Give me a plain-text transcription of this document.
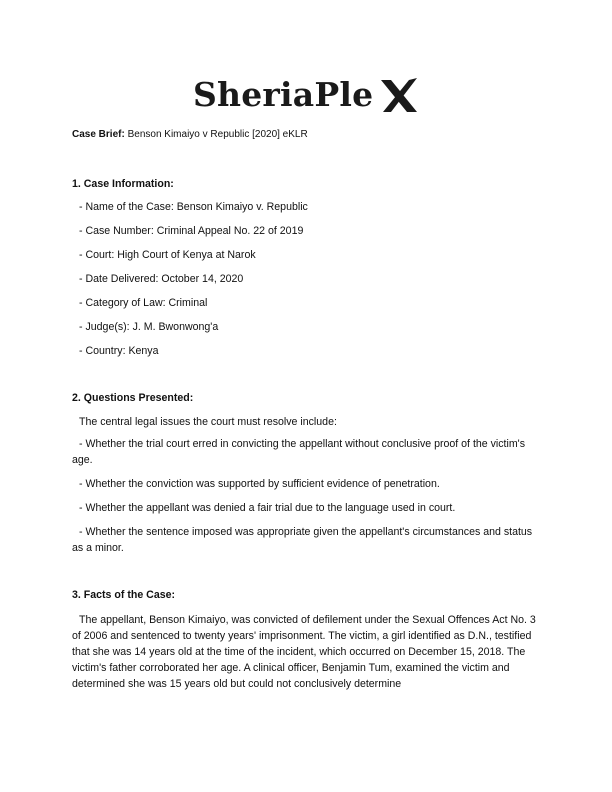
SheriaPle
Case Brief: Benson Kimaiyo v Republic [2020] eKLR
1. Case Information:
- Name of the Case: Benson Kimaiyo v. Republic
- Case Number: Criminal Appeal No. 22 of 2019
- Court: High Court of Kenya at Narok
- Date Delivered: October 14, 2020
- Category of Law: Criminal
- Judge(s): J. M. Bwonwong'a
- Country: Kenya
2. Questions Presented:
The central legal issues the court must resolve include:
- Whether the trial court erred in convicting the appellant without conclusive proof of the victim's age.
- Whether the conviction was supported by sufficient evidence of penetration.
- Whether the appellant was denied a fair trial due to the language used in court.
- Whether the sentence imposed was appropriate given the appellant's circumstances and status as a minor.
3. Facts of the Case:
The appellant, Benson Kimaiyo, was convicted of defilement under the Sexual Offences Act No. 3 of 2006 and sentenced to twenty years' imprisonment. The victim, a girl identified as D.N., testified that she was 14 years old at the time of the incident, which occurred on December 15, 2018. The victim's father corroborated her age. A clinical officer, Benjamin Tum, examined the victim and determined she was 15 years old but could not conclusively determine
